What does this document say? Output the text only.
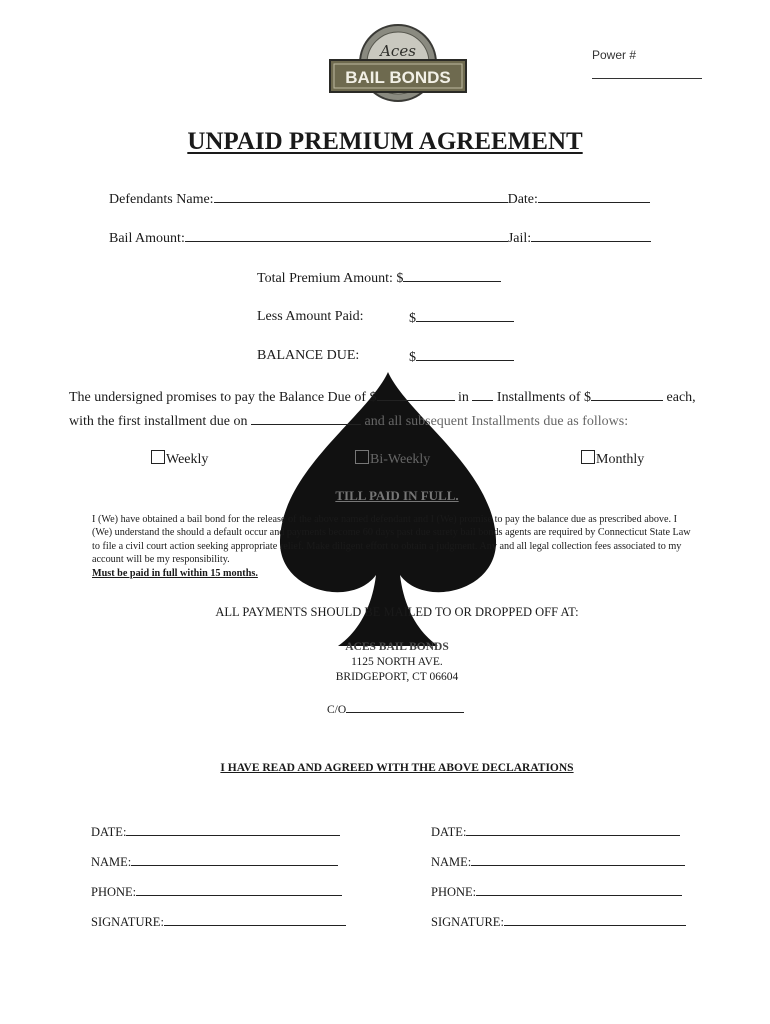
Power #
Aces
BAIL BONDS
UNPAID PREMIUM AGREEMENT
Defendants Name:	Date:
Bail Amount:	Jail:
Total Premium Amount: $
Less Amount Paid:	$
BALANCE DUE:	$
The undersigned promises to pay the Balance Due of $	in Installments of $	each,
with the first installment due on	and all subsequent Installments due as follows:
Weekly	Bi-Weekly	Monthly
TILL PAID IN FULL.
I (We) have obtained a bail bond for the release of the above named defendant and I (We) promise to pay the balance due as prescribed above. I (We) understand the should a default occur and payments become 60 days past due surety bail bonds agents are required by Connecticut State Law to file a civil court action seeking appropriate relief. Make diligent effort to obtain a judgment. Any and all legal collection fees associated to my account will be my responsibility.
Must be paid in full within 15 months.
ALL PAYMENTS SHOULD BE MAILED TO OR DROPPED OFF AT:
ACES BAIL BONDS
1125 NORTH AVE.
BRIDGEPORT, CT 06604
C/O
I HAVE READ AND AGREED WITH THE ABOVE DECLARATIONS
DATE:
NAME:
PHONE:
SIGNATURE:
DATE:
NAME:
PHONE:
SIGNATURE:
